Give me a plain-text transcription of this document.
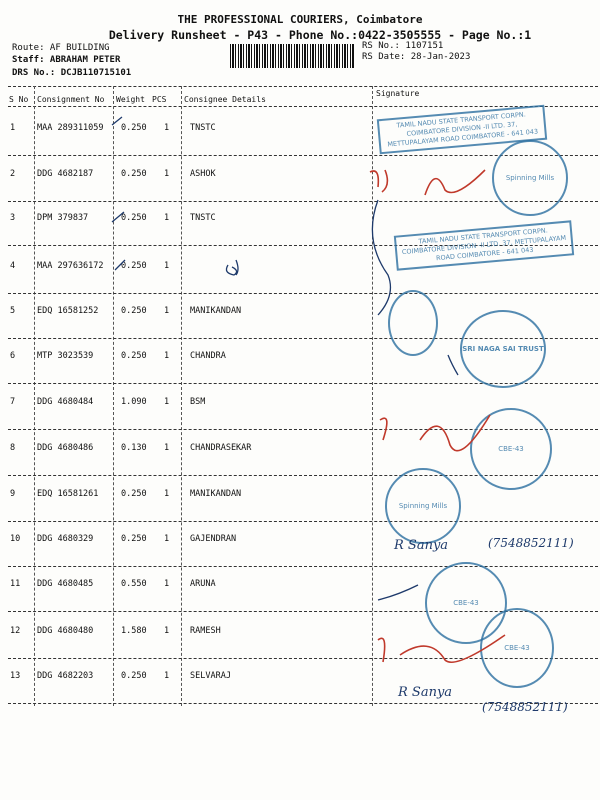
THE PROFESSIONAL COURIERS, Coimbatore
Delivery Runsheet - P43 - Phone No.:0422-3505555 - Page No.:1
Route: AF BUILDING
Staff: ABRAHAM PETER
DRS No.: DCJB110715101
RS No.: 1107151
RS Date: 28-Jan-2023
S No Consignment No Weight PCS Consignee Details
Signature
1	MAA 289311059 0.250 1 TNSTC
2	DDG 4682187	0.250 1 ASHOK
3	DPM 379837	0.250 1 TNSTC
4	MAA 297636172 0.250 1
5	EDQ 16581252	0.250 1 MANIKANDAN
6	MTP 3023539	0.250 1 CHANDRA
7	DDG 4680484	1.090 1 BSM
8	DDG 4680486	0.130 1 CHANDRASEKAR
9	EDQ 16581261	0.250 1 MANIKANDAN
10 DDG 4680329	0.250 1 GAJENDRAN
11 DDG 4680485	0.550 1 ARUNA
12 DDG 4680480	1.580 1 RAMESH
13 DDG 4682203	0.250 1 SELVARAJ
TAMIL NADU STATE TRANSPORT CORPN. COIMBATORE DIVISION -II LTD. 37, METTUPALAYAM ROAD COIMBATORE - 641 043
Spinning Mills
TAMIL NADU STATE TRANSPORT CORPN. COIMBATORE DIVISION -II LTD. 37, METTUPALAYAM ROAD COIMBATORE - 641 043
SRI NAGA SAI TRUST
CBE-43
Spinning Mills
CBE-43
CBE-43
R Sanya	(7548852111)
R Sanya
(7548852111)
